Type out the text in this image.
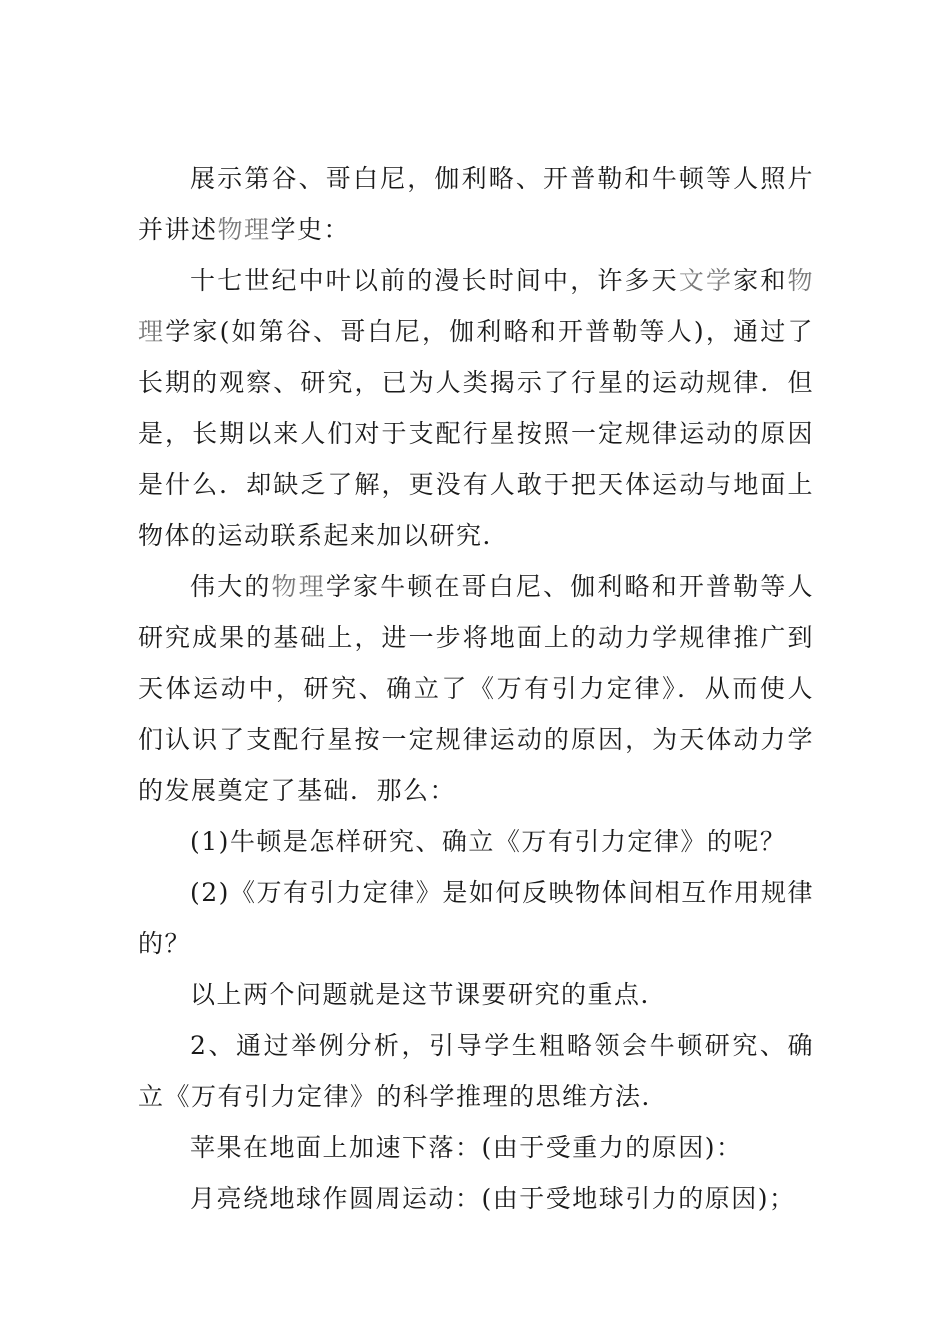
展示第谷、哥白尼，伽利略、开普勒和牛顿等人照片并讲述物理学史：

十七世纪中叶以前的漫长时间中，许多天文学家和物理学家(如第谷、哥白尼，伽利略和开普勒等人)，通过了长期的观察、研究，已为人类揭示了行星的运动规律．但是，长期以来人们对于支配行星按照一定规律运动的原因是什么．却缺乏了解，更没有人敢于把天体运动与地面上物体的运动联系起来加以研究．

伟大的物理学家牛顿在哥白尼、伽利略和开普勒等人研究成果的基础上，进一步将地面上的动力学规律推广到天体运动中，研究、确立了《万有引力定律》．从而使人们认识了支配行星按一定规律运动的原因，为天体动力学的发展奠定了基础．那么：

(1)牛顿是怎样研究、确立《万有引力定律》的呢？

(2)《万有引力定律》是如何反映物体间相互作用规律的？

以上两个问题就是这节课要研究的重点．

2、通过举例分析，引导学生粗略领会牛顿研究、确立《万有引力定律》的科学推理的思维方法．

苹果在地面上加速下落：(由于受重力的原因)：

月亮绕地球作圆周运动：(由于受地球引力的原因)；
